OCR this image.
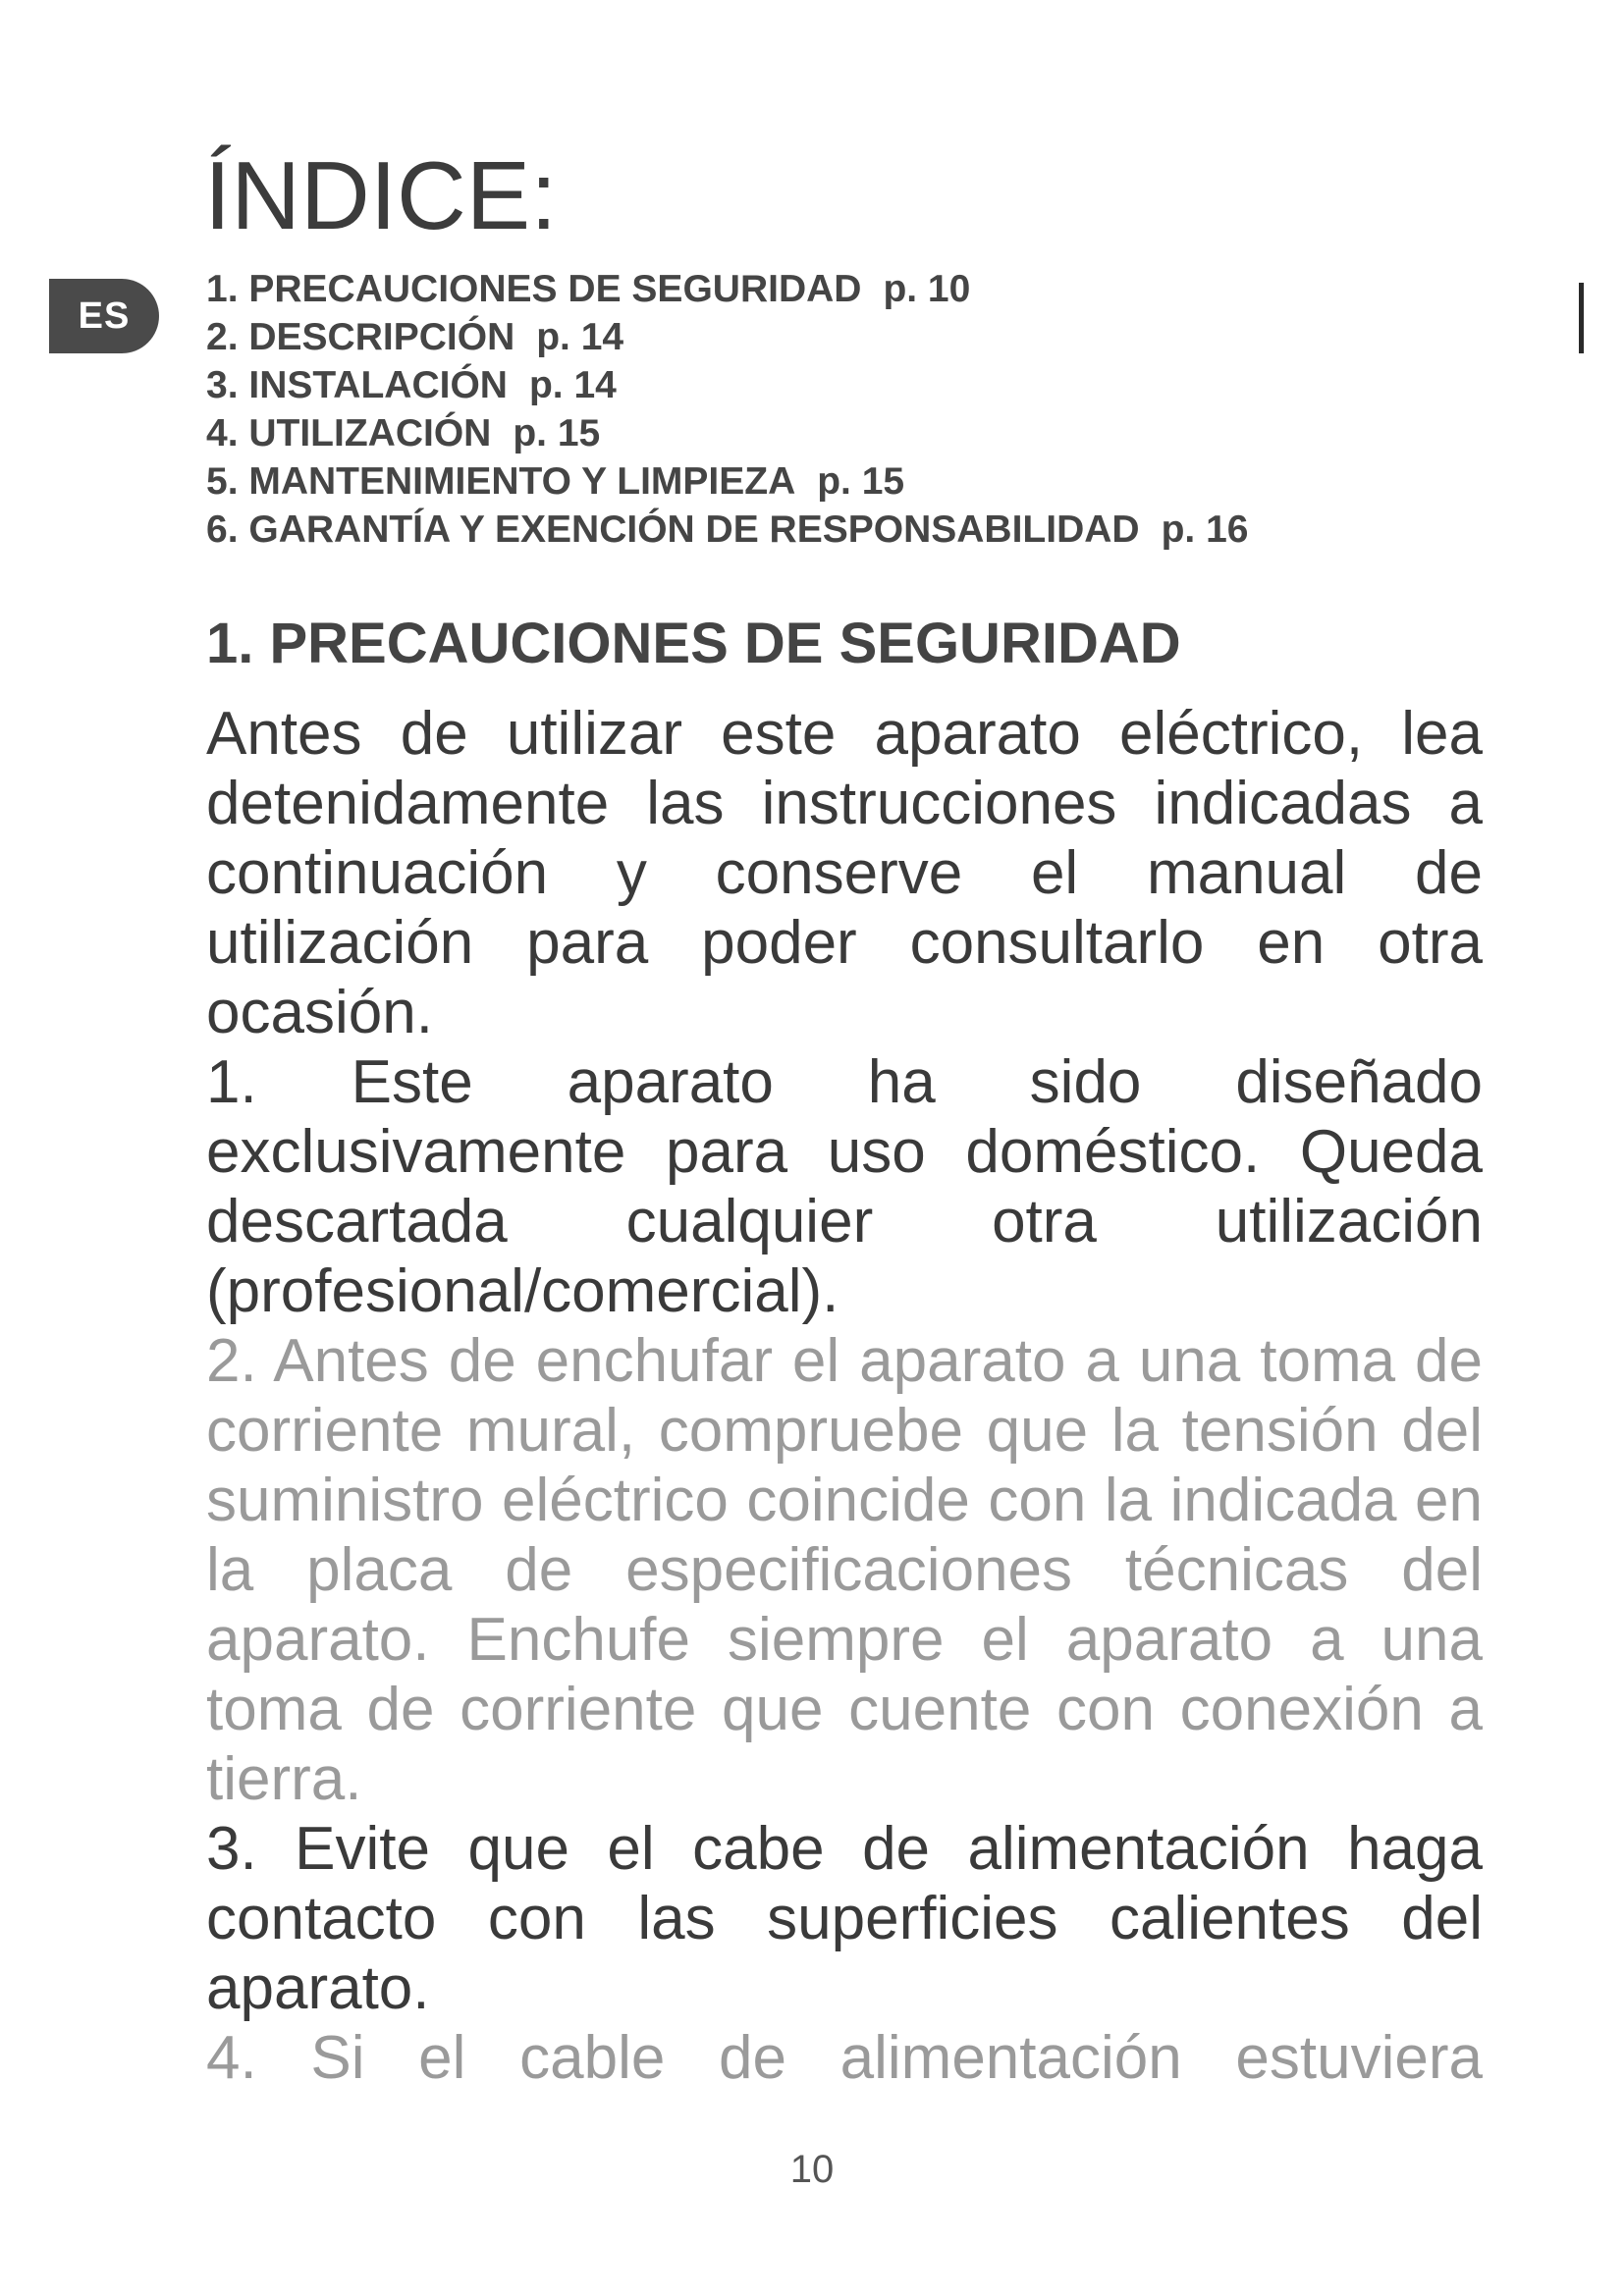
ES
ÍNDICE:
1. PRECAUCIONES DE SEGURIDAD p. 10
2. DESCRIPCIÓN p. 14
3. INSTALACIÓN p. 14
4. UTILIZACIÓN p. 15
5. MANTENIMIENTO Y LIMPIEZA p. 15
6. GARANTÍA Y EXENCIÓN DE RESPONSABILIDAD p. 16
1. PRECAUCIONES DE SEGURIDAD

Antes de utilizar este aparato eléctrico, lea detenidamente las instrucciones indicadas a continuación y conserve el manual de utilización para poder consultarlo en otra ocasión.

1. Este aparato ha sido diseñado exclusivamente para uso doméstico. Queda descartada cualquier otra utilización (profesional/comercial).

2. Antes de enchufar el aparato a una toma de corriente mural, compruebe que la tensión del suministro eléctrico coincide con la indicada en la placa de especificaciones técnicas del aparato. Enchufe siempre el aparato a una toma de corriente que cuente con conexión a tierra.

3. Evite que el cabe de alimentación haga contacto con las superficies calientes del aparato.

4. Si el cable de alimentación estuviera

10
